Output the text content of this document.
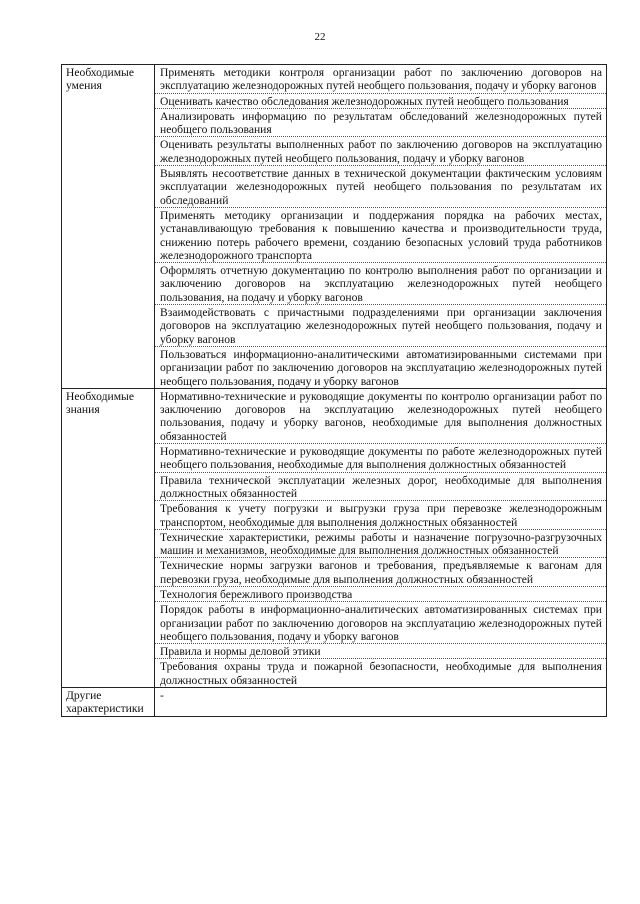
22
Необходимые умения	Применять методики контроля организации работ по заключению договоров на эксплуатацию железнодорожных путей необщего пользования, подачу и уборку вагонов
	Оценивать качество обследования железнодорожных путей необщего пользования
	Анализировать информацию по результатам обследований железнодорожных путей необщего пользования
	Оценивать результаты выполненных работ по заключению договоров на эксплуатацию железнодорожных путей необщего пользования, подачу и уборку вагонов
	Выявлять несоответствие данных в технической документации фактическим условиям эксплуатации железнодорожных путей необщего пользования по результатам их обследований
	Применять методику организации и поддержания порядка на рабочих местах, устанавливающую требования к повышению качества и производительности труда, снижению потерь рабочего времени, созданию безопасных условий труда работников железнодорожного транспорта
	Оформлять отчетную документацию по контролю выполнения работ по организации и заключению договоров на эксплуатацию железнодорожных путей необщего пользования, на подачу и уборку вагонов
	Взаимодействовать с причастными подразделениями при организации заключения договоров на эксплуатацию железнодорожных путей необщего пользования, подачу и уборку вагонов
	Пользоваться информационно-аналитическими автоматизированными системами при организации работ по заключению договоров на эксплуатацию железнодорожных путей необщего пользования, подачу и уборку вагонов
Необходимые знания	Нормативно-технические и руководящие документы по контролю организации работ по заключению договоров на эксплуатацию железнодорожных путей необщего пользования, подачу и уборку вагонов, необходимые для выполнения должностных обязанностей
	Нормативно-технические и руководящие документы по работе железнодорожных путей необщего пользования, необходимые для выполнения должностных обязанностей
	Правила технической эксплуатации железных дорог, необходимые для выполнения должностных обязанностей
	Требования к учету погрузки и выгрузки груза при перевозке железнодорожным транспортом, необходимые для выполнения должностных обязанностей
	Технические характеристики, режимы работы и назначение погрузочно-разгрузочных машин и механизмов, необходимые для выполнения должностных обязанностей
	Технические нормы загрузки вагонов и требования, предъявляемые к вагонам для перевозки груза, необходимые для выполнения должностных обязанностей
	Технология бережливого производства
	Порядок работы в информационно-аналитических автоматизированных системах при организации работ по заключению договоров на эксплуатацию железнодорожных путей необщего пользования, подачу и уборку вагонов
	Правила и нормы деловой этики
	Требования охраны труда и пожарной безопасности, необходимые для выполнения должностных обязанностей
Другие характеристики	-
